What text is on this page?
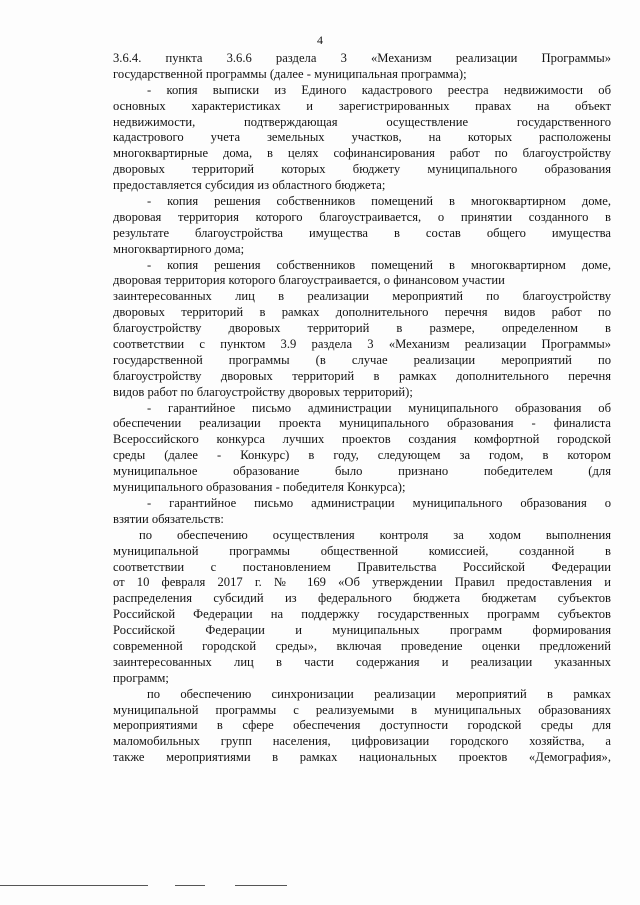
4
3.6.4. пункта 3.6.6 раздела 3 «Механизм реализации Программы»
государственной программы (далее - муниципальная программа);
- копия выписки из Единого кадастрового реестра недвижимости об
основных характеристиках и зарегистрированных правах на объект
недвижимости, подтверждающая осуществление государственного
кадастрового учета земельных участков, на которых расположены
многоквартирные дома, в целях софинансирования работ по благоустройству
дворовых территорий которых бюджету муниципального образования
предоставляется субсидия из областного бюджета;
- копия решения собственников помещений в многоквартирном доме,
дворовая территория которого благоустраивается, о принятии созданного в
результате благоустройства имущества в состав общего имущества
многоквартирного дома;
- копия решения собственников помещений в многоквартирном доме,
дворовая территория которого благоустраивается, о финансовом участии
заинтересованных лиц в реализации мероприятий по благоустройству
дворовых территорий в рамках дополнительного перечня видов работ по
благоустройству дворовых территорий в размере, определенном в
соответствии с пунктом 3.9 раздела 3 «Механизм реализации Программы»
государственной программы (в случае реализации мероприятий по
благоустройству дворовых территорий в рамках дополнительного перечня
видов работ по благоустройству дворовых территорий);
- гарантийное письмо администрации муниципального образования об
обеспечении реализации проекта муниципального образования - финалиста
Всероссийского конкурса лучших проектов создания комфортной городской
среды (далее - Конкурс) в году, следующем за годом, в котором
муниципальное образование было признано победителем (для
муниципального образования - победителя Конкурса);
- гарантийное письмо администрации муниципального образования о
взятии обязательств:
по обеспечению осуществления контроля за ходом выполнения
муниципальной программы общественной комиссией, созданной в
соответствии с постановлением Правительства Российской Федерации
от 10 февраля 2017 г. № 169 «Об утверждении Правил предоставления и
распределения субсидий из федерального бюджета бюджетам субъектов
Российской Федерации на поддержку государственных программ субъектов
Российской Федерации и муниципальных программ формирования
современной городской среды», включая проведение оценки предложений
заинтересованных лиц в части содержания и реализации указанных
программ;
по обеспечению синхронизации реализации мероприятий в рамках
муниципальной программы с реализуемыми в муниципальных образованиях
мероприятиями в сфере обеспечения доступности городской среды для
маломобильных групп населения, цифровизации городского хозяйства, а
также мероприятиями в рамках национальных проектов «Демография»,
